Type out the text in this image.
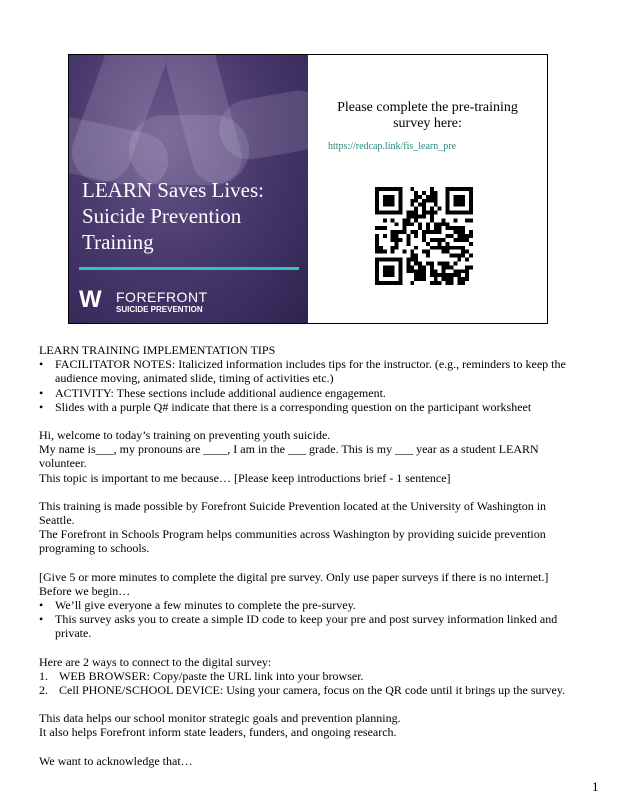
LEARN Saves Lives:
Suicide Prevention
Training
W FOREFRONT
SUICIDE PREVENTION
Please complete the pre-training
survey here:
https://redcap.link/fis_learn_pre

LEARN TRAINING IMPLEMENTATION TIPS

• FACILITATOR NOTES: Italicized information includes tips for the instructor. (e.g., reminders to keep the audience moving, animated slide, timing of activities etc.)
• ACTIVITY: These sections include additional audience engagement.
• Slides with a purple Q# indicate that there is a corresponding question on the participant worksheet

Hi, welcome to today’s training on preventing youth suicide.

My name is___, my pronouns are ____, I am in the ___ grade. This is my ___ year as a student LEARN volunteer.

This topic is important to me because… [Please keep introductions brief - 1 sentence]

This training is made possible by Forefront Suicide Prevention located at the University of Washington in Seattle.

The Forefront in Schools Program helps communities across Washington by providing suicide prevention programing to schools.

[Give 5 or more minutes to complete the digital pre survey. Only use paper surveys if there is no internet.]

Before we begin…

• We’ll give everyone a few minutes to complete the pre-survey.
• This survey asks you to create a simple ID code to keep your pre and post survey information linked and private.

Here are 2 ways to connect to the digital survey:

1. WEB BROWSER: Copy/paste the URL link into your browser.
2. Cell PHONE/SCHOOL DEVICE: Using your camera, focus on the QR code until it brings up the survey.

This data helps our school monitor strategic goals and prevention planning.

It also helps Forefront inform state leaders, funders, and ongoing research.

We want to acknowledge that…

1
